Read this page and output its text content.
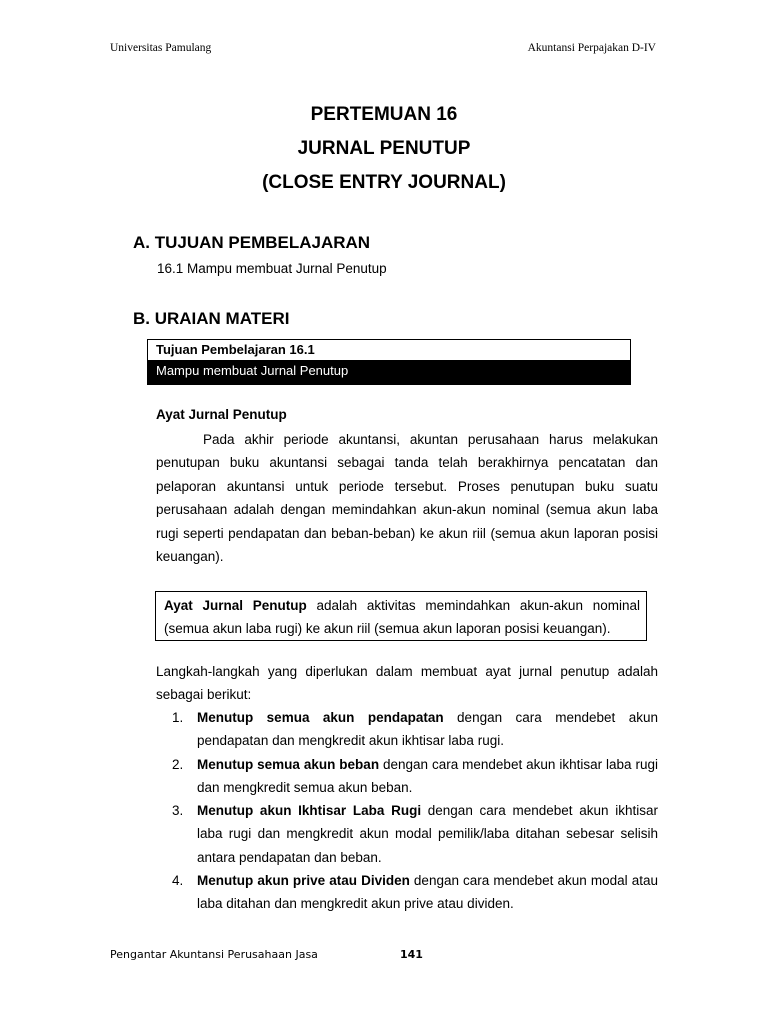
Universitas Pamulang	Akuntansi Perpajakan D-IV
PERTEMUAN 16
JURNAL PENUTUP
(CLOSE ENTRY JOURNAL)
A. TUJUAN PEMBELAJARAN
16.1 Mampu membuat Jurnal Penutup
B. URAIAN MATERI
Tujuan Pembelajaran 16.1
Mampu membuat Jurnal Penutup
Ayat Jurnal Penutup

Pada akhir periode akuntansi, akuntan perusahaan harus melakukan penutupan buku akuntansi sebagai tanda telah berakhirnya pencatatan dan pelaporan akuntansi untuk periode tersebut. Proses penutupan buku suatu perusahaan adalah dengan memindahkan akun-akun nominal (semua akun laba rugi seperti pendapatan dan beban-beban) ke akun riil (semua akun laporan posisi keuangan).

Ayat Jurnal Penutup adalah aktivitas memindahkan akun-akun nominal (semua akun laba rugi) ke akun riil (semua akun laporan posisi keuangan).

Langkah-langkah yang diperlukan dalam membuat ayat jurnal penutup adalah sebagai berikut:

1. Menutup semua akun pendapatan dengan cara mendebet akun pendapatan dan mengkredit akun ikhtisar laba rugi.
2. Menutup semua akun beban dengan cara mendebet akun ikhtisar laba rugi dan mengkredit semua akun beban.
3. Menutup akun Ikhtisar Laba Rugi dengan cara mendebet akun ikhtisar laba rugi dan mengkredit akun modal pemilik/laba ditahan sebesar selisih antara pendapatan dan beban.
4. Menutup akun prive atau Dividen dengan cara mendebet akun modal atau laba ditahan dan mengkredit akun prive atau dividen.
Pengantar Akuntansi Perusahaan Jasa	141
